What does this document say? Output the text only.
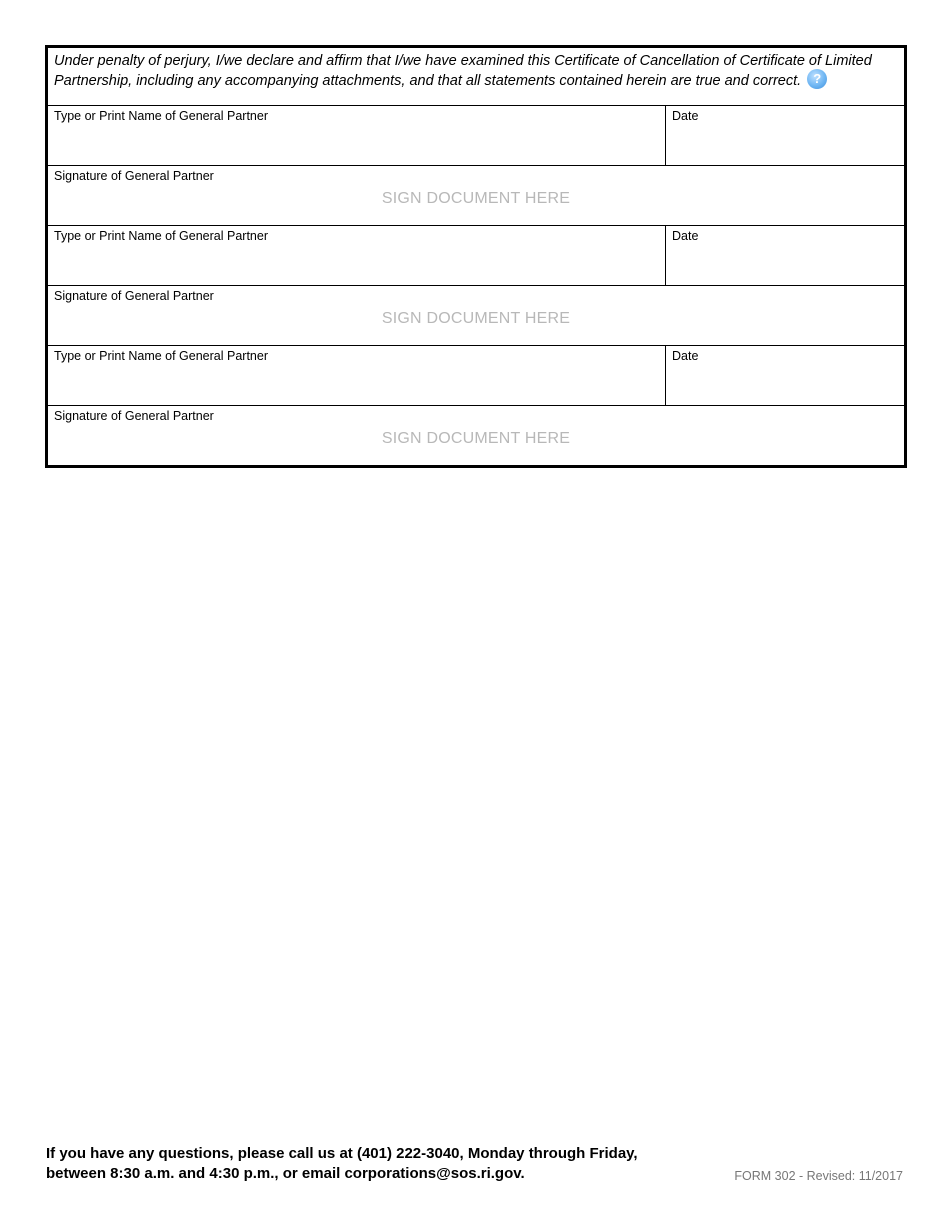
Under penalty of perjury, I/we declare and affirm that I/we have examined this Certificate of Cancellation of Certificate of Limited Partnership, including any accompanying attachments, and that all statements contained herein are true and correct. ?
Type or Print Name of General Partner	Date
Signature of General Partner
SIGN DOCUMENT HERE
Type or Print Name of General Partner	Date
Signature of General Partner
SIGN DOCUMENT HERE
Type or Print Name of General Partner	Date
Signature of General Partner
SIGN DOCUMENT HERE
If you have any questions, please call us at (401) 222-3040, Monday through Friday,
between 8:30 a.m. and 4:30 p.m., or email corporations@sos.ri.gov.	FORM 302 - Revised: 11/2017
